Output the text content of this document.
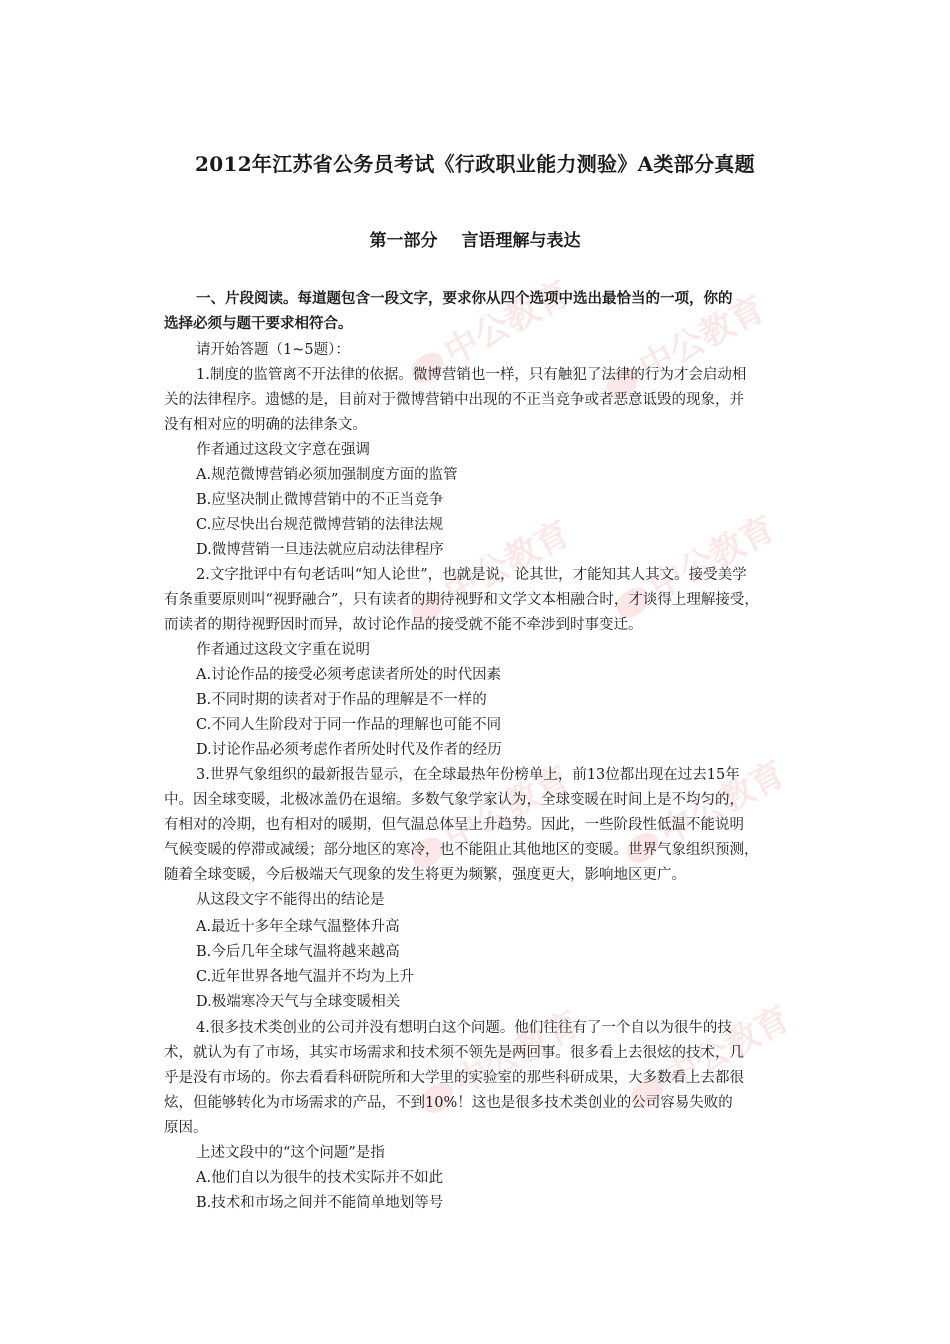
中公教育	中公教育
中公教育	中公教育
中公教育	中公教育
中公教育	中公教育
2012年江苏省公务员考试《行政职业能力测验》A类部分真题
第一部分 言语理解与表达
一、片段阅读。每道题包含一段文字，要求你从四个选项中选出最恰当的一项，你的
选择必须与题干要求相符合。
请开始答题（1~5题）：
1.制度的监管离不开法律的依据。微博营销也一样，只有触犯了法律的行为才会启动相
关的法律程序。遗憾的是，目前对于微博营销中出现的不正当竞争或者恶意诋毁的现象，并
没有相对应的明确的法律条文。
作者通过这段文字意在强调
A.规范微博营销必须加强制度方面的监管
B.应坚决制止微博营销中的不正当竞争
C.应尽快出台规范微博营销的法律法规
D.微博营销一旦违法就应启动法律程序
2.文字批评中有句老话叫“知人论世”，也就是说，论其世，才能知其人其文。接受美学
有条重要原则叫“视野融合”，只有读者的期待视野和文学文本相融合时，才谈得上理解接受，
而读者的期待视野因时而异，故讨论作品的接受就不能不牵涉到时事变迁。
作者通过这段文字重在说明
A.讨论作品的接受必须考虑读者所处的时代因素
B.不同时期的读者对于作品的理解是不一样的
C.不同人生阶段对于同一作品的理解也可能不同
D.讨论作品必须考虑作者所处时代及作者的经历
3.世界气象组织的最新报告显示，在全球最热年份榜单上，前13位都出现在过去15年
中。因全球变暖，北极冰盖仍在退缩。多数气象学家认为，全球变暖在时间上是不均匀的，
有相对的冷期，也有相对的暖期，但气温总体呈上升趋势。因此，一些阶段性低温不能说明
气候变暖的停滞或减缓；部分地区的寒冷，也不能阻止其他地区的变暖。世界气象组织预测，
随着全球变暖，今后极端天气现象的发生将更为频繁，强度更大，影响地区更广。
从这段文字不能得出的结论是
A.最近十多年全球气温整体升高
B.今后几年全球气温将越来越高
C.近年世界各地气温并不均为上升
D.极端寒冷天气与全球变暖相关
4.很多技术类创业的公司并没有想明白这个问题。他们往往有了一个自以为很牛的技
术，就认为有了市场，其实市场需求和技术须不领先是两回事。很多看上去很炫的技术，几
乎是没有市场的。你去看看科研院所和大学里的实验室的那些科研成果，大多数看上去都很
炫，但能够转化为市场需求的产品，不到10%！这也是很多技术类创业的公司容易失败的
原因。
上述文段中的“这个问题”是指
A.他们自以为很牛的技术实际并不如此
B.技术和市场之间并不能简单地划等号
